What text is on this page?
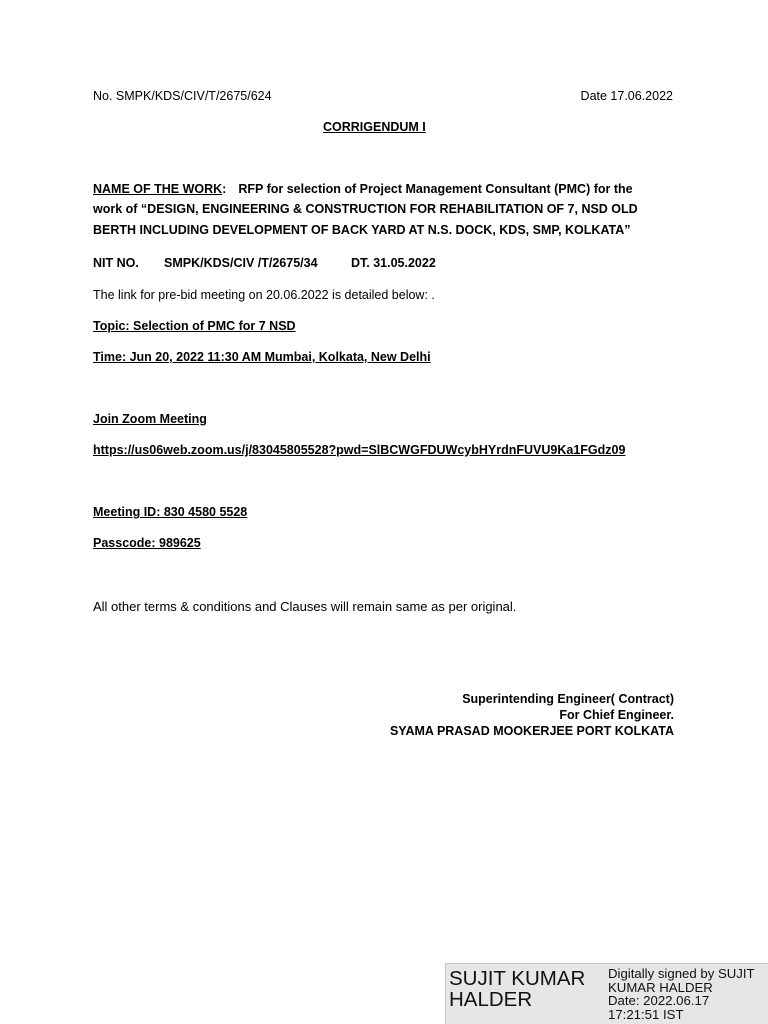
No. SMPK/KDS/CIV/T/2675/624	Date 17.06.2022
CORRIGENDUM I
NAME OF THE WORK: RFP for selection of Project Management Consultant (PMC) for the
work of “DESIGN, ENGINEERING & CONSTRUCTION FOR REHABILITATION OF 7, NSD OLD
BERTH INCLUDING DEVELOPMENT OF BACK YARD AT N.S. DOCK, KDS, SMP, KOLKATA”
NIT NO. SMPK/KDS/CIV /T/2675/34	DT. 31.05.2022
The link for pre-bid meeting on 20.06.2022 is detailed below: .
Topic: Selection of PMC for 7 NSD
Time: Jun 20, 2022 11:30 AM Mumbai, Kolkata, New Delhi
Join Zoom Meeting
https://us06web.zoom.us/j/83045805528?pwd=SlBCWGFDUWcybHYrdnFUVU9Ka1FGdz09
Meeting ID: 830 4580 5528
Passcode: 989625
All other terms & conditions and Clauses will remain same as per original.
Superintending Engineer( Contract)
For Chief Engineer.
SYAMA PRASAD MOOKERJEE PORT KOLKATA
SUJIT KUMAR
HALDER
Digitally signed by SUJIT
KUMAR HALDER
Date: 2022.06.17
17:21:51 IST
